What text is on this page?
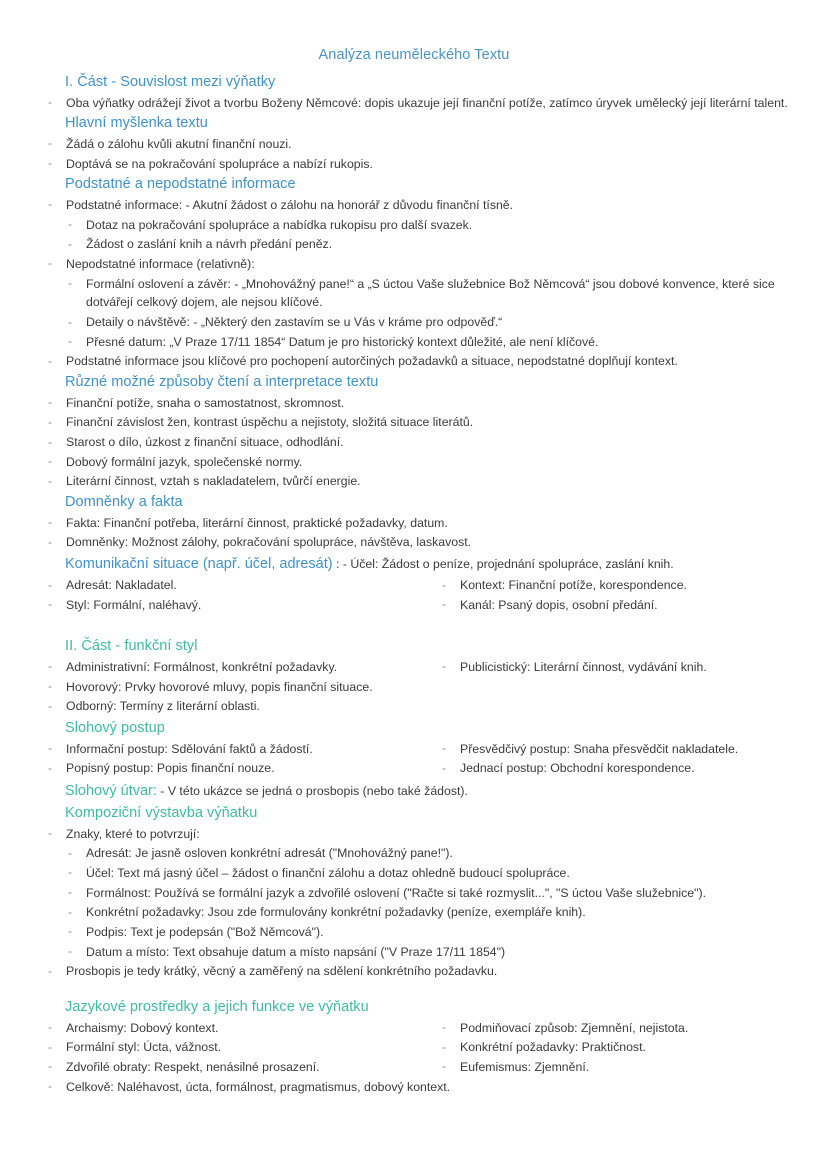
Analýza neuměleckého Textu
I. Část - Souvislost mezi výňatky
- Oba výňatky odrážejí život a tvorbu Boženy Němcové: dopis ukazuje její finanční potíže, zatímco úryvek umělecký její literární talent.
Hlavní myšlenka textu
- Žádá o zálohu kvůli akutní finanční nouzi.
- Doptává se na pokračování spolupráce a nabízí rukopis.
Podstatné a nepodstatné informace
- Podstatné informace: - Akutní žádost o zálohu na honorář z důvodu finanční tísně.
- Dotaz na pokračování spolupráce a nabídka rukopisu pro další svazek.
- Žádost o zaslání knih a návrh předání peněz.
- Nepodstatné informace (relativně):
- Formální oslovení a závěr: - „Mnohovážný pane!“ a „S úctou Vaše služebnice Bož Němcová“ jsou dobové konvence, které sice dotvářejí celkový dojem, ale nejsou klíčové.
- Detaily o návštěvě: - „Některý den zastavím se u Vás v kráme pro odpověď.“
- Přesné datum: „V Praze 17/11 1854“ Datum je pro historický kontext důležité, ale není klíčové.
- Podstatné informace jsou klíčové pro pochopení autorčiných požadavků a situace, nepodstatné doplňují kontext.
Různé možné způsoby čtení a interpretace textu
- Finanční potíže, snaha o samostatnost, skromnost.
- Finanční závislost žen, kontrast úspěchu a nejistoty, složitá situace literátů.
- Starost o dílo, úzkost z finanční situace, odhodlání.
- Dobový formální jazyk, společenské normy.
- Literární činnost, vztah s nakladatelem, tvůrčí energie.
Domněnky a fakta
- Fakta: Finanční potřeba, literární činnost, praktické požadavky, datum.
- Domněnky: Možnost zálohy, pokračování spolupráce, návštěva, laskavost.

Komunikační situace (např. účel, adresát) : - Účel: Žádost o peníze, projednání spolupráce, zaslání knih.

- Adresát: Nakladatel.
- Styl: Formální, naléhavý.
- Kontext: Finanční potíže, korespondence.
- Kanál: Psaný dopis, osobní předání.
II. Část - funkční styl
- Administrativní: Formálnost, konkrétní požadavky.
- Hovorový: Prvky hovorové mluvy, popis finanční situace.
- Odborný: Termíny z literární oblasti.
- Publicistický: Literární činnost, vydávání knih.
Slohový postup
- Informační postup: Sdělování faktů a žádostí.
- Popisný postup: Popis finanční nouze.
- Přesvědčivý postup: Snaha přesvědčit nakladatele.
- Jednací postup: Obchodní korespondence.

Slohový útvar: - V této ukázce se jedná o prosbopis (nebo také žádost).

Kompoziční výstavba výňatku
- Znaky, které to potvrzují:
- Adresát: Je jasně osloven konkrétní adresát ("Mnohovážný pane!").
- Účel: Text má jasný účel – žádost o finanční zálohu a dotaz ohledně budoucí spolupráce.
- Formálnost: Používá se formální jazyk a zdvořilé oslovení ("Račte si také rozmyslit...", "S úctou Vaše služebnice").
- Konkrétní požadavky: Jsou zde formulovány konkrétní požadavky (peníze, exempláře knih).
- Podpis: Text je podepsán ("Bož Němcová").
- Datum a místo: Text obsahuje datum a místo napsání ("V Praze 17/11 1854")
- Prosbopis je tedy krátký, věcný a zaměřený na sdělení konkrétního požadavku.
Jazykové prostředky a jejich funkce ve výňatku
- Archaismy: Dobový kontext.
- Formální styl: Úcta, vážnost.
- Zdvořilé obraty: Respekt, nenásilné prosazení.
- Podmiňovací způsob: Zjemnění, nejistota.
- Konkrétní požadavky: Praktičnost.
- Eufemismus: Zjemnění.
- Celkově: Naléhavost, úcta, formálnost, pragmatismus, dobový kontext.
